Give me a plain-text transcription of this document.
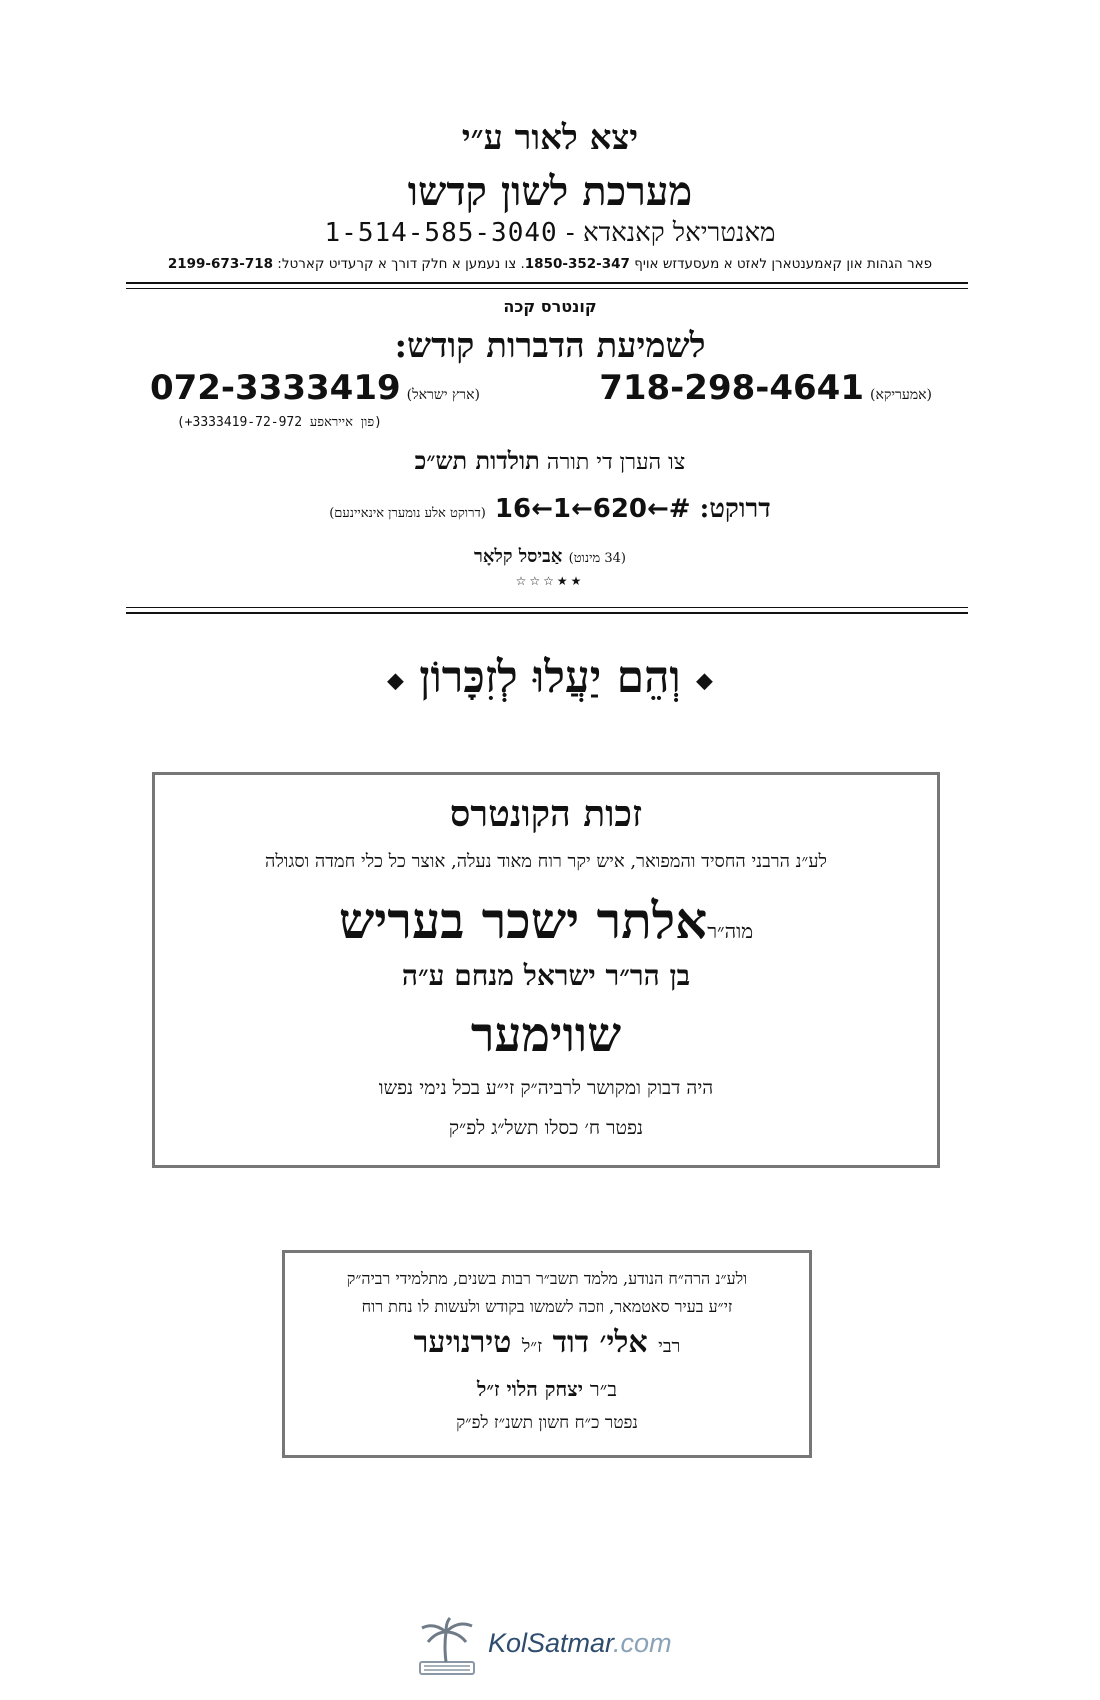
יצא לאור ע״י
מערכת לשון קדשו
מאנטריאל קאנאדא - 1-514-585-3040
פאר הגהות און קאמענטארן לאזט א מעסעדזש אויף 1850-352-347. צו נעמען א חלק דורך א קרעדיט קארטל: 2199-673-718
קונטרס קכה
לשמיעת הדברות קודש:
(אמעריקא)718-298-4641
(ארץ ישראל)072-3333419
(פון אייראפע 3333419-72-972+)
צו הערן די תורה תולדות תש״כ
דרוקט: 16←1←620←# (דרוקט אלע נומערן אינאיינעם)
(34 מינוט) אַביסל קלאָר
★★☆☆☆
◆ וְהֵם יַעֲלוּ לְזִכָּרוֹן ◆
זכות הקונטרס
לע״נ הרבני החסיד והמפואר, איש יקר רוח מאוד נעלה, אוצר כל כלי חמדה וסגולה
מוה״ראלתר ישכר בעריש
בן הר״ר ישראל מנחם ע״ה
שווימער
היה דבוק ומקושר לרביה״ק זי״ע בכל נימי נפשו
נפטר ח׳ כסלו תשל״ג לפ״ק
ולע״נ הרה״ח הנודע, מלמד תשב״ר רבות בשנים, מתלמידי רביה״ק
זי״ע בעיר סאטמאר, וזכה לשמשו בקודש ולעשות לו נחת רוח
רבי אלי׳ דוד ז״ל טירנויער
ב״ר יצחק הלוי ז״ל
נפטר כ״ח חשון תשנ״ז לפ״ק
KolSatmar.com
